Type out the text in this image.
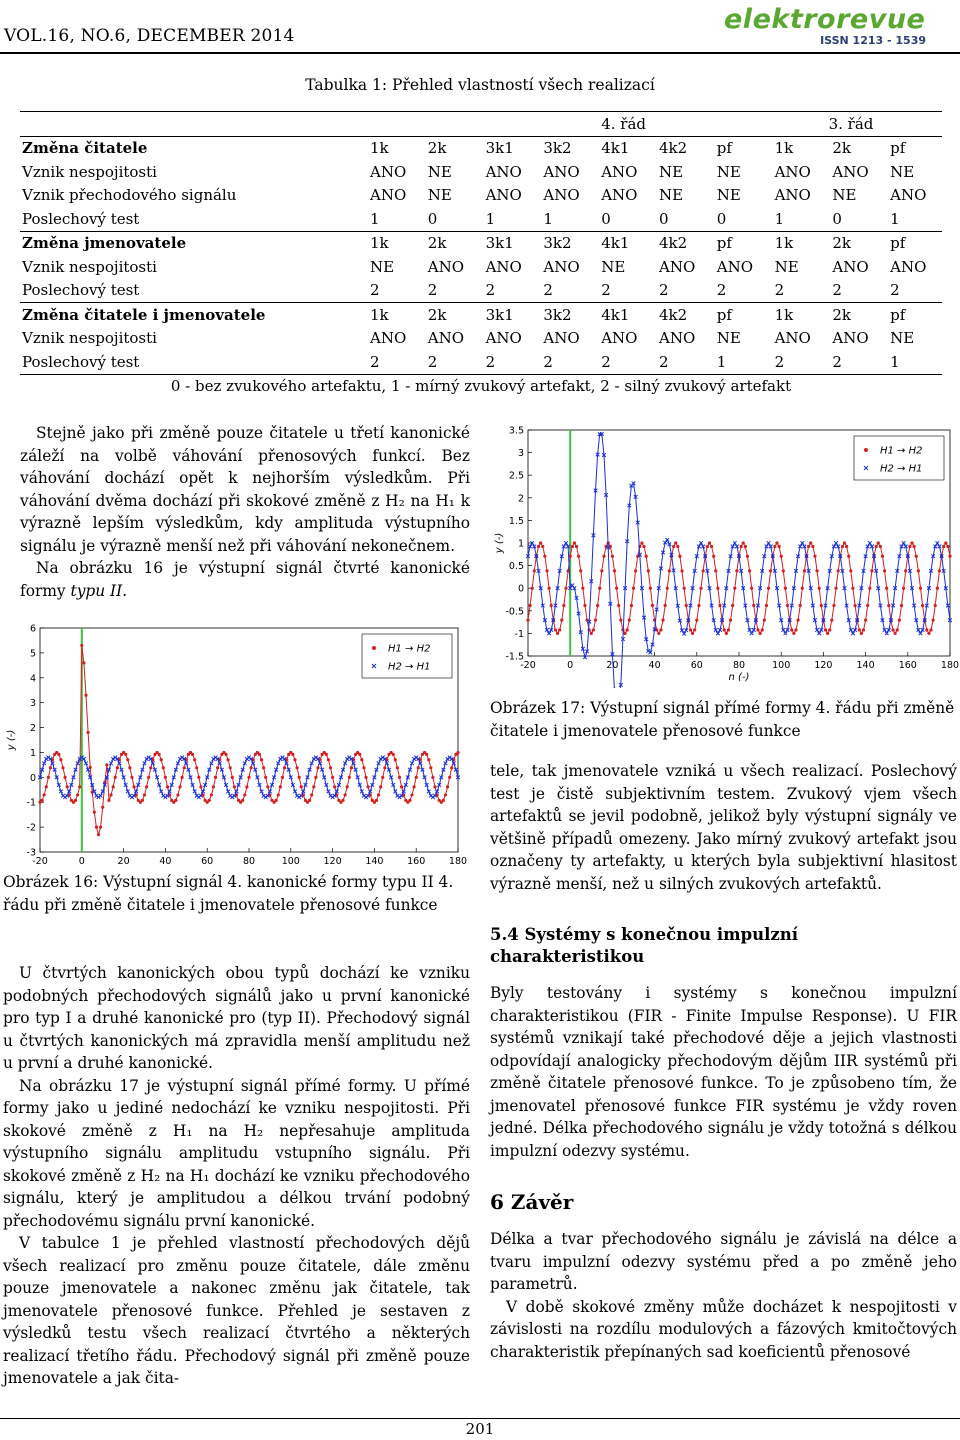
VOL.16, NO.6, DECEMBER 2014
elektrorevue
ISSN 1213 - 1539
Tabulka 1: Přehled vlastností všech realizací
					4. řád			3. řád		
Změna čitatele	1k	2k	3k1	3k2	4k1	4k2	pf	1k	2k	pf
Vznik nespojitosti	ANO	NE	ANO	ANO	ANO	NE	NE	ANO	ANO	NE
Vznik přechodového signálu	ANO	NE	ANO	ANO	ANO	NE	NE	ANO	NE	ANO
Poslechový test	1	0	1	1	0	0	0	1	0	1
Změna jmenovatele	1k	2k	3k1	3k2	4k1	4k2	pf	1k	2k	pf
Vznik nespojitosti	NE	ANO	ANO	ANO	NE	ANO	ANO	NE	ANO	ANO
Poslechový test	2	2	2	2	2	2	2	2	2	2
Změna čitatele i jmenovatele	1k	2k	3k1	3k2	4k1	4k2	pf	1k	2k	pf
Vznik nespojitosti	ANO	ANO	ANO	ANO	ANO	ANO	NE	ANO	ANO	NE
Poslechový test	2	2	2	2	2	2	1	2	2	1
0 - bez zvukového artefaktu, 1 - mírný zvukový artefakt, 2 - silný zvukový artefakt										

Stejně jako při změně pouze čitatele u třetí kanonické záleží na volbě váhování přenosových funkcí. Bez váhování dochází opět k nejhorším výsledkům. Při váhování dvěma dochází při skokové změně z H₂ na H₁ k výrazně lepším výsledkům, kdy amplituda výstupního signálu je výrazně menší než při váhování nekonečnem.

Na obrázku 16 je výstupní signál čtvrté kanonické formy typu II.

-20	0	20	40	60	80	100 120 140 160 180
-3
-2
-1
0
1
2
3
4
5
6
y (-)
H1 → H2
H2 → H1
Obrázek 16: Výstupní signál 4. kanonické formy typu II 4. řádu při změně čitatele i jmenovatele přenosové funkce

U čtvrtých kanonických obou typů dochází ke vzniku podobných přechodových signálů jako u první kanonické pro typ I a druhé kanonické pro (typ II). Přechodový signál u čtvrtých kanonických má zpravidla menší amplitudu než u první a druhé kanonické.

Na obrázku 17 je výstupní signál přímé formy. U přímé formy jako u jediné nedochází ke vzniku nespojitosti. Při skokové změně z H₁ na H₂ nepřesahuje amplituda výstupního signálu amplitudu vstupního signálu. Při skokové změně z H₂ na H₁ dochází ke vzniku přechodového signálu, který je amplitudou a délkou trvání podobný přechodovému signálu první kanonické.

V tabulce 1 je přehled vlastností přechodových dějů všech realizací pro změnu pouze čitatele, dále změnu pouze jmenovatele a nakonec změnu jak čitatele, tak jmenovatele přenosové funkce. Přehled je sestaven z výsledků testu všech realizací čtvrtého a některých realizací třetího řádu. Přechodový signál při změně pouze jmenovatele a jak čita-

-20	0	20	40	60	80	100	120	140	160	180
-1.5
-1
-0.5
0
0.5
1
1.5
2
2.5
3
3.5
n (-)
y (-)
H1 → H2
H2 → H1
Obrázek 17: Výstupní signál přímé formy 4. řádu při změně čitatele i jmenovatele přenosové funkce

tele, tak jmenovatele vzniká u všech realizací. Poslechový test je čistě subjektivním testem. Zvukový vjem všech artefaktů se jevil podobně, jelikož byly výstupní signály ve většině případů omezeny. Jako mírný zvukový artefakt jsou označeny ty artefakty, u kterých byla subjektivní hlasitost výrazně menší, než u silných zvukových artefaktů.

5.4 Systémy s konečnou impulzní charakteristikou

Byly testovány i systémy s konečnou impulzní charakteristikou (FIR - Finite Impulse Response). U FIR systémů vznikají také přechodové děje a jejich vlastnosti odpovídají analogicky přechodovým dějům IIR systémů při změně čitatele přenosové funkce. To je způsobeno tím, že jmenovatel přenosové funkce FIR systému je vždy roven jedné. Délka přechodového signálu je vždy totožná s délkou impulzní odezvy systému.

6 Závěr

Délka a tvar přechodového signálu je závislá na délce a tvaru impulzní odezvy systému před a po změně jeho parametrů.

V době skokové změny může docházet k nespojitosti v závislosti na rozdílu modulových a fázových kmitočtových charakteristik přepínaných sad koeficientů přenosové

201
